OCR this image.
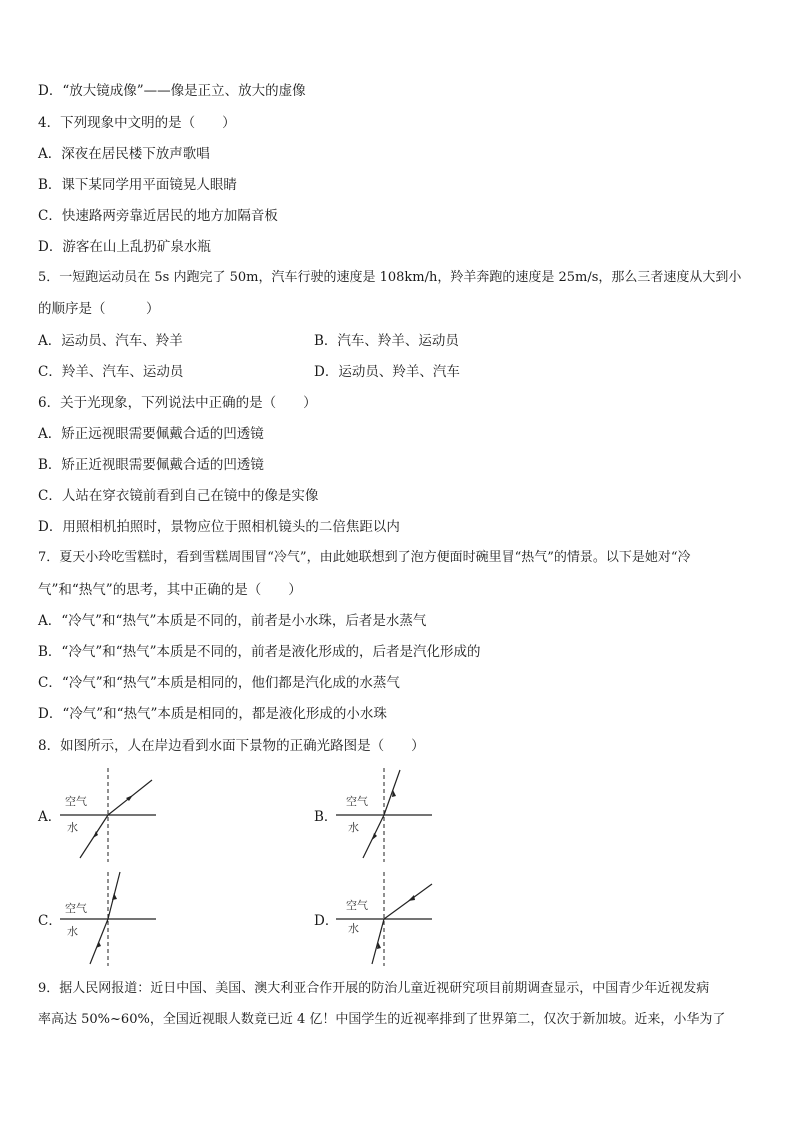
D．“放大镜成像”——像是正立、放大的虚像
4．下列现象中文明的是（　　）
A．深夜在居民楼下放声歌唱
B．课下某同学用平面镜晃人眼睛
C．快速路两旁靠近居民的地方加隔音板
D．游客在山上乱扔矿泉水瓶
5．一短跑运动员在 5s 内跑完了 50m，汽车行驶的速度是 108km/h，羚羊奔跑的速度是 25m/s，那么三者速度从大到小
的顺序是（　　　）
A．运动员、汽车、羚羊	B．汽车、羚羊、运动员
C．羚羊、汽车、运动员	D．运动员、羚羊、汽车
6．关于光现象，下列说法中正确的是（　　）
A．矫正远视眼需要佩戴合适的凹透镜
B．矫正近视眼需要佩戴合适的凹透镜
C．人站在穿衣镜前看到自己在镜中的像是实像
D．用照相机拍照时，景物应位于照相机镜头的二倍焦距以内
7．夏天小玲吃雪糕时，看到雪糕周围冒“冷气”，由此她联想到了泡方便面时碗里冒“热气”的情景。以下是她对“冷
气”和“热气”的思考，其中正确的是（　　）
A．“冷气”和“热气”本质是不同的，前者是小水珠，后者是水蒸气
B．“冷气”和“热气”本质是不同的，前者是液化形成的，后者是汽化形成的
C．“冷气”和“热气”本质是相同的，他们都是汽化成的水蒸气
D．“冷气”和“热气”本质是相同的，都是液化形成的小水珠
8．如图所示，人在岸边看到水面下景物的正确光路图是（　　）
A．
空气
水
B．
空气
水
C．
空气
水
D．
空气
水
9．据人民网报道：近日中国、美国、澳大利亚合作开展的防治儿童近视研究项目前期调查显示，中国青少年近视发病
率高达 50%~60%，全国近视眼人数竟已近 4 亿！中国学生的近视率排到了世界第二，仅次于新加坡。近来，小华为了
